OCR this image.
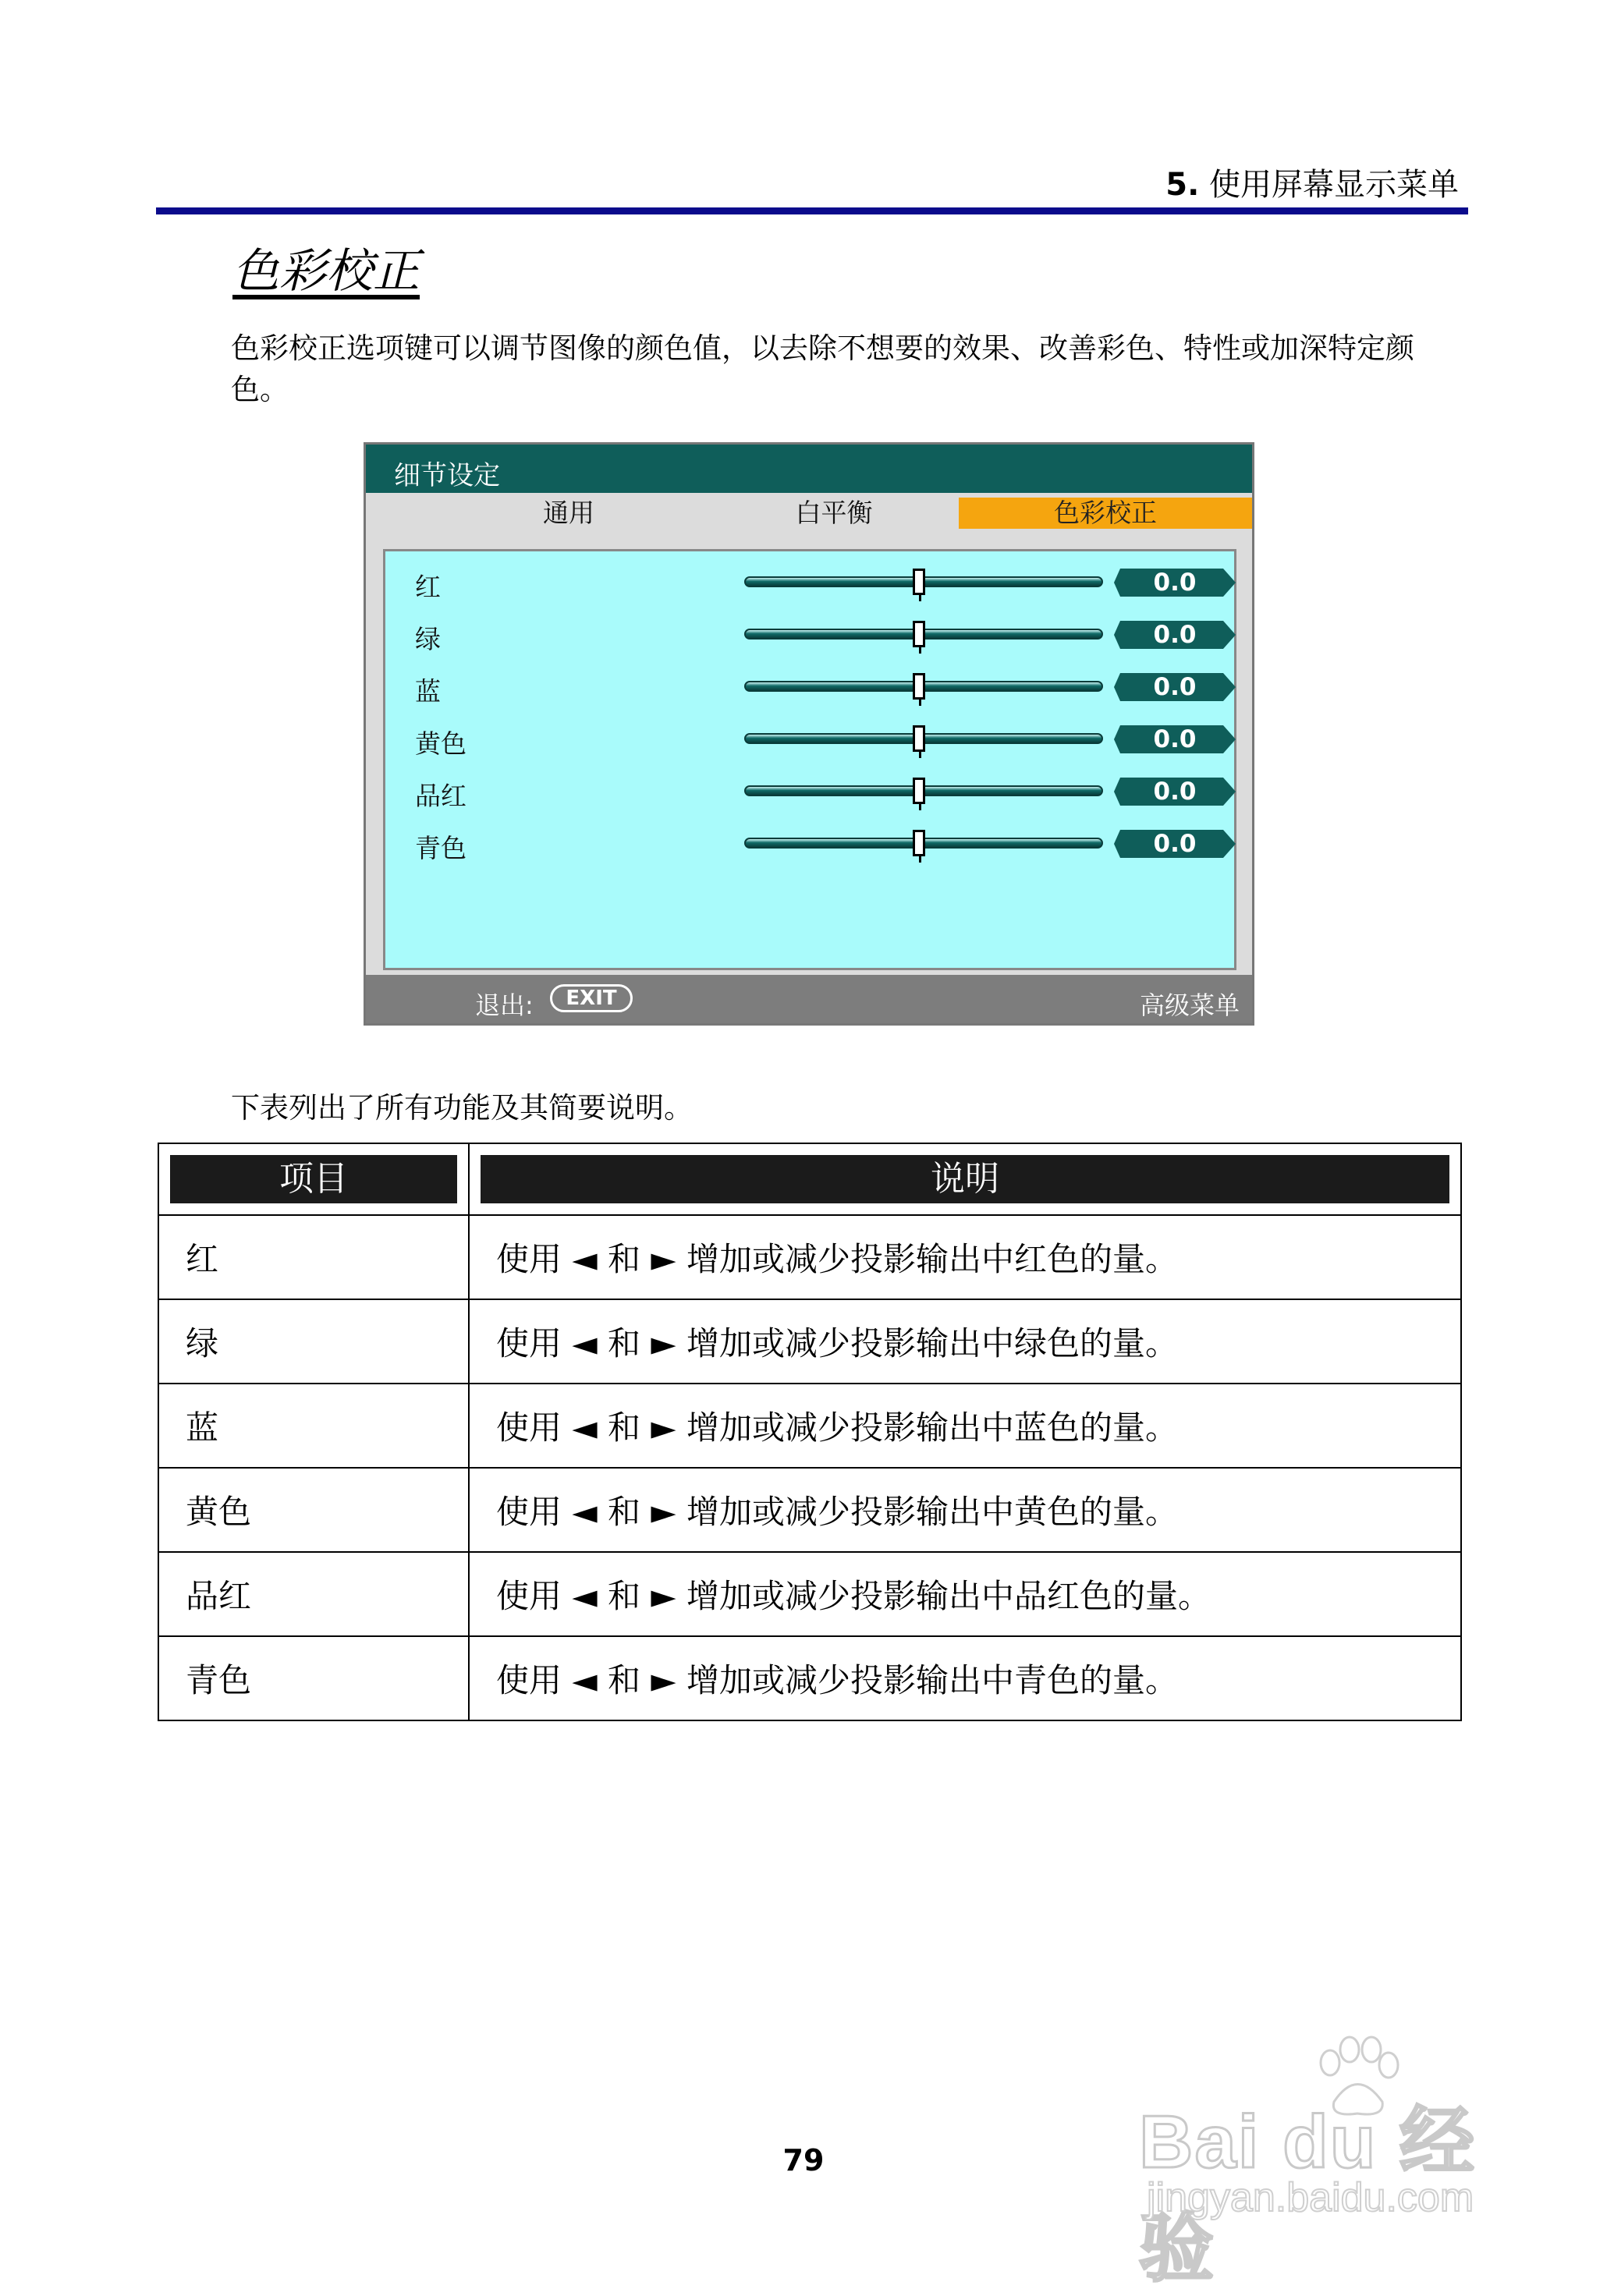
5. 使用屏幕显示菜单
色彩校正
色彩校正选项键可以调节图像的颜色值，以去除不想要的效果、改善彩色、特性或加深特定颜色。
细节设定
通用	白平衡	色彩校正
红	0.0
绿	0.0
蓝	0.0
黄色	0.0
品红	0.0
青色	0.0
退出:	EXIT	高级菜单
下表列出了所有功能及其简要说明。
项目	说明

红	使用 ◄ 和 ► 增加或减少投影输出中红色的量。
绿	使用 ◄ 和 ► 增加或减少投影输出中绿色的量。
蓝	使用 ◄ 和 ► 增加或减少投影输出中蓝色的量。
黄色	使用 ◄ 和 ► 增加或减少投影输出中黄色的量。
品红	使用 ◄ 和 ► 增加或减少投影输出中品红色的量。
青色	使用 ◄ 和 ► 增加或减少投影输出中青色的量。
79	Bai du 经验
jingyan.baidu.com
